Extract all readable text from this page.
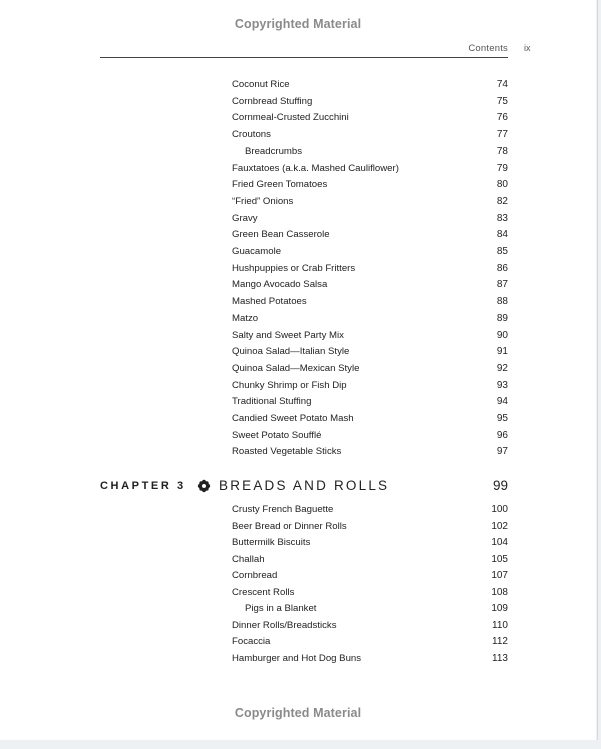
Copyrighted Material
Contents ix
Coconut Rice	74
Cornbread Stuffing	75
Cornmeal-Crusted Zucchini	76
Croutons	77
Breadcrumbs	78
Fauxtatoes (a.k.a. Mashed Cauliflower)	79
Fried Green Tomatoes	80
“Fried” Onions	82
Gravy	83
Green Bean Casserole	84
Guacamole	85
Hushpuppies or Crab Fritters	86
Mango Avocado Salsa	87
Mashed Potatoes	88
Matzo	89
Salty and Sweet Party Mix	90
Quinoa Salad—Italian Style	91
Quinoa Salad—Mexican Style	92
Chunky Shrimp or Fish Dip	93
Traditional Stuffing	94
Candied Sweet Potato Mash	95
Sweet Potato Soufflé	96
Roasted Vegetable Sticks	97
CHAPTER 3 BREADS AND ROLLS	99
Crusty French Baguette	100
Beer Bread or Dinner Rolls	102
Buttermilk Biscuits	104
Challah	105
Cornbread	107
Crescent Rolls	108
Pigs in a Blanket	109
Dinner Rolls/Breadsticks	110
Focaccia	112
Hamburger and Hot Dog Buns	113
Copyrighted Material
